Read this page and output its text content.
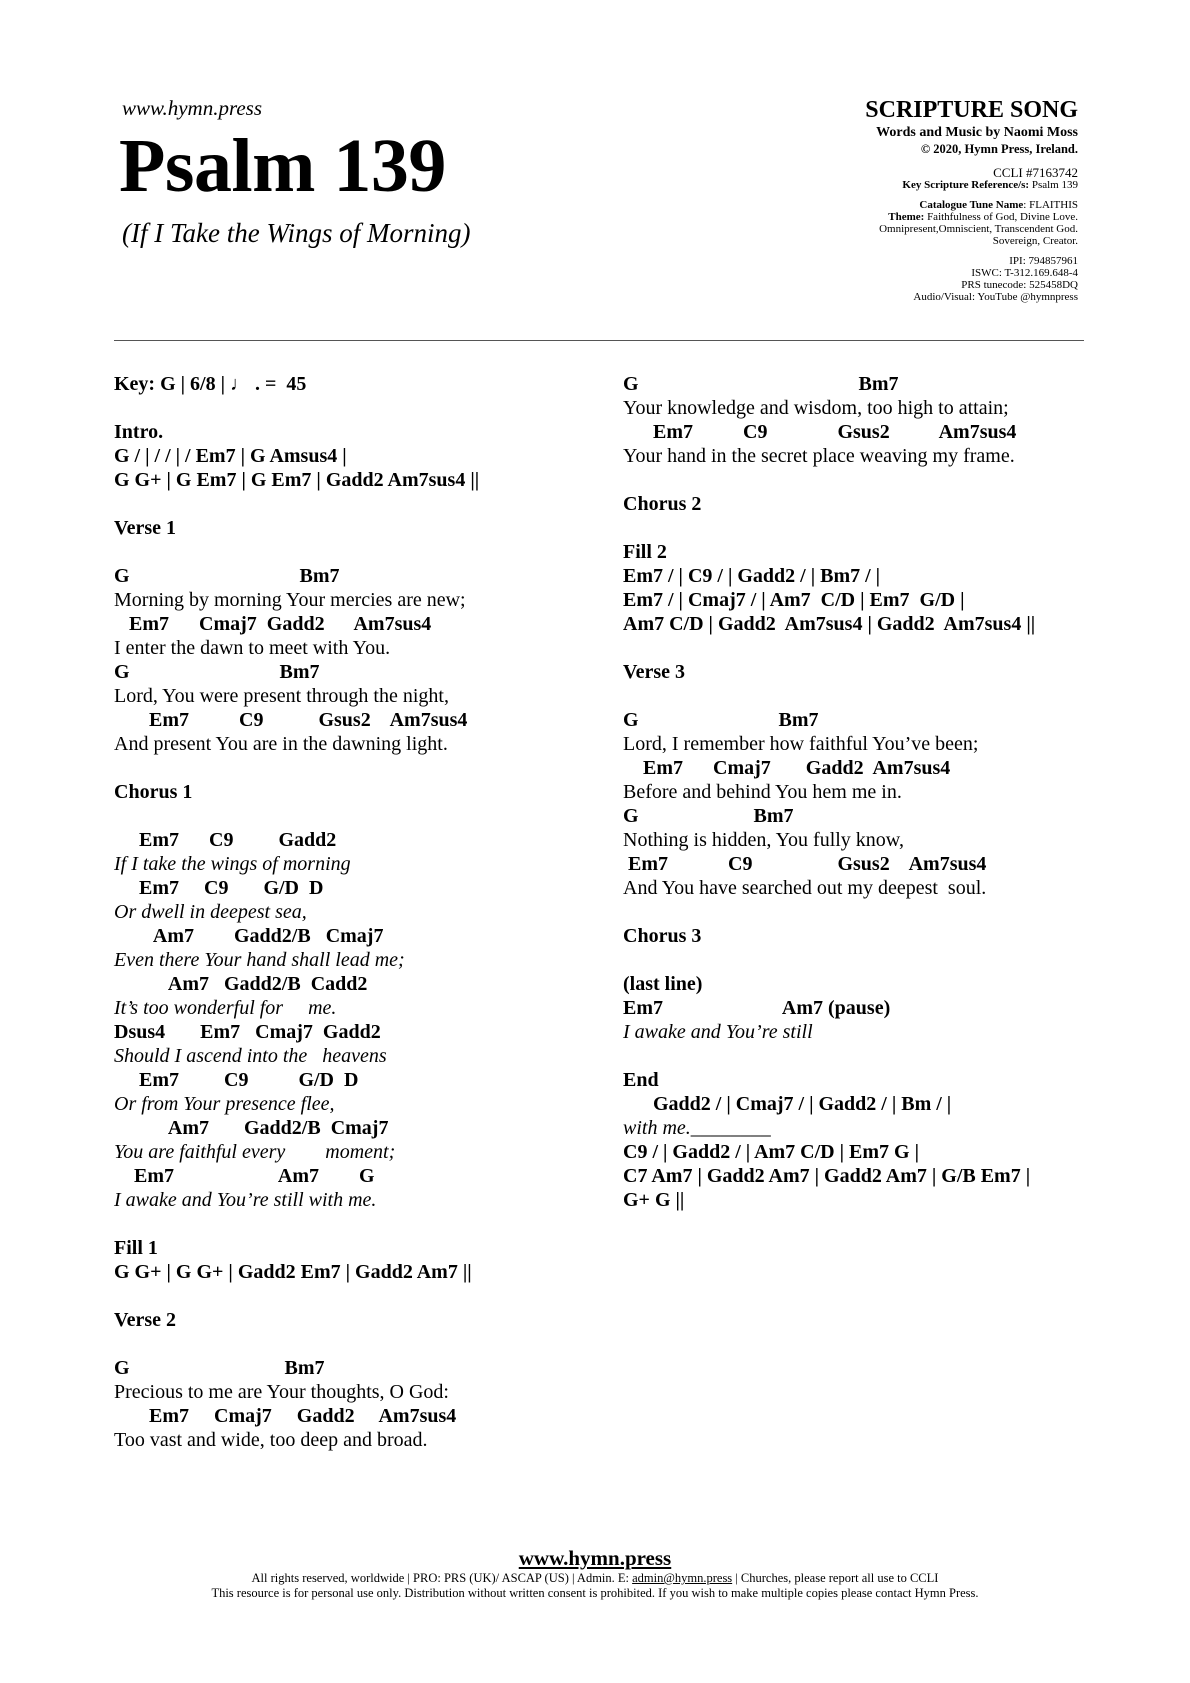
www.hymn.press
Psalm 139
(If I Take the Wings of Morning)
SCRIPTURE SONG
Words and Music by Naomi Moss
© 2020, Hymn Press, Ireland.
CCLI #7163742
Key Scripture Reference/s: Psalm 139
Catalogue Tune Name: FLAITHIS
Theme: Faithfulness of God, Divine Love.
Omnipresent,Omniscient, Transcendent God.
Sovereign, Creator.
IPI: 794857961
ISWC: T-312.169.648-4
PRS tunecode: 525458DQ
Audio/Visual: YouTube @hymnpress
Key: G | 6/8 | ♩ . =  45
Intro.
G / | / / | / Em7 | G Amsus4 |
G G+ | G Em7 | G Em7 | Gadd2 Am7sus4 ||
Verse 1
G                                  Bm7
Morning by morning Your mercies are new;
Em7      Cmaj7  Gadd2      Am7sus4
I enter the dawn to meet with You.
G                              Bm7
Lord, You were present through the night,
Em7          C9           Gsus2    Am7sus4
And present You are in the dawning light.
Chorus 1
Em7      C9         Gadd2
If I take the wings of morning
Em7     C9       G/D  D
Or dwell in deepest sea,
Am7        Gadd2/B   Cmaj7
Even there Your hand shall lead me;
Am7   Gadd2/B  Cadd2
It’s too wonderful for     me.
Dsus4       Em7   Cmaj7  Gadd2
Should I ascend into the   heavens
Em7         C9          G/D  D
Or from Your presence flee,
Am7       Gadd2/B  Cmaj7
You are faithful every        moment;
Em7                     Am7        G
I awake and You’re still with me.
Fill 1
G G+ | G G+ | Gadd2 Em7 | Gadd2 Am7 ||
Verse 2
G                               Bm7
Precious to me are Your thoughts, O God:
Em7     Cmaj7     Gadd2     Am7sus4
Too vast and wide, too deep and broad.
G                                            Bm7
Your knowledge and wisdom, too high to attain;
Em7          C9              Gsus2          Am7sus4
Your hand in the secret place weaving my frame.
Chorus 2
Fill 2
Em7 / | C9 / | Gadd2 / | Bm7 / |
Em7 / | Cmaj7 / | Am7  C/D | Em7  G/D |
Am7 C/D | Gadd2  Am7sus4 | Gadd2  Am7sus4 ||
Verse 3
G                            Bm7
Lord, I remember how faithful You’ve been;
Em7      Cmaj7       Gadd2  Am7sus4
Before and behind You hem me in.
G                       Bm7
Nothing is hidden, You fully know,
Em7            C9                 Gsus2    Am7sus4
And You have searched out my deepest  soul.
Chorus 3
(last line)
Em7                        Am7 (pause)
I awake and You’re still
End
Gadd2 / | Cmaj7 / | Gadd2 / | Bm / |
with me.________
C9 / | Gadd2 / | Am7 C/D | Em7 G |
C7 Am7 | Gadd2 Am7 | Gadd2 Am7 | G/B Em7 |
G+ G ||
www.hymn.press
All rights reserved, worldwide | PRO: PRS (UK)/ ASCAP (US) | Admin. E: admin@hymn.press | Churches, please report all use to CCLI
This resource is for personal use only. Distribution without written consent is prohibited. If you wish to make multiple copies please contact Hymn Press.
